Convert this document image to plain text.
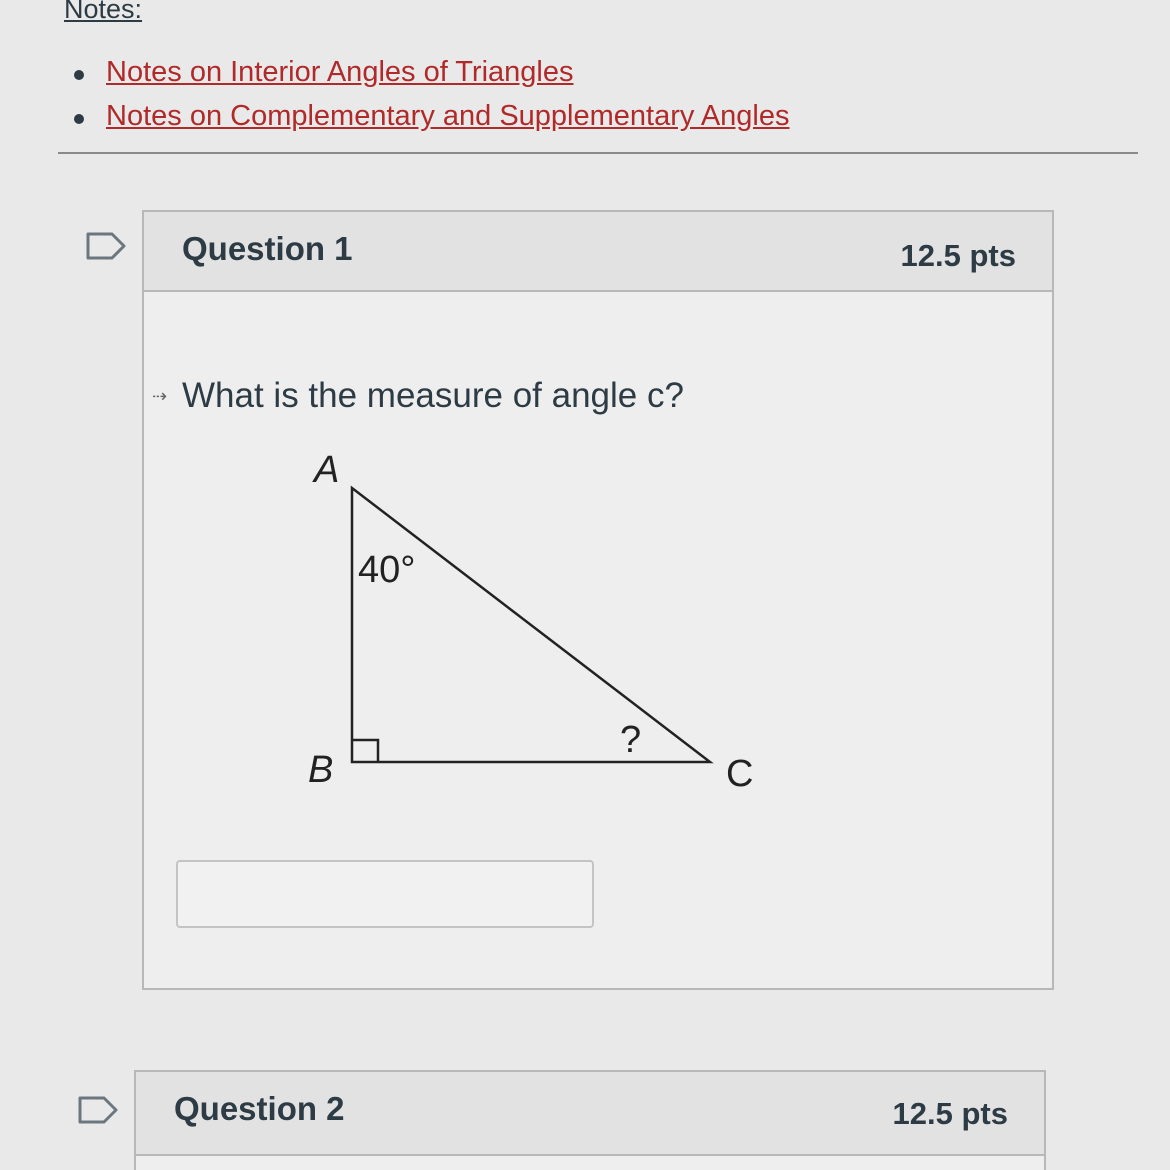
Notes:
Notes on Interior Angles of Triangles
Notes on Complementary and Supplementary Angles
Question 1	12.5 pts
⇢ What is the measure of angle c?
A
B	C
40°
?
Question 2	12.5 pts
